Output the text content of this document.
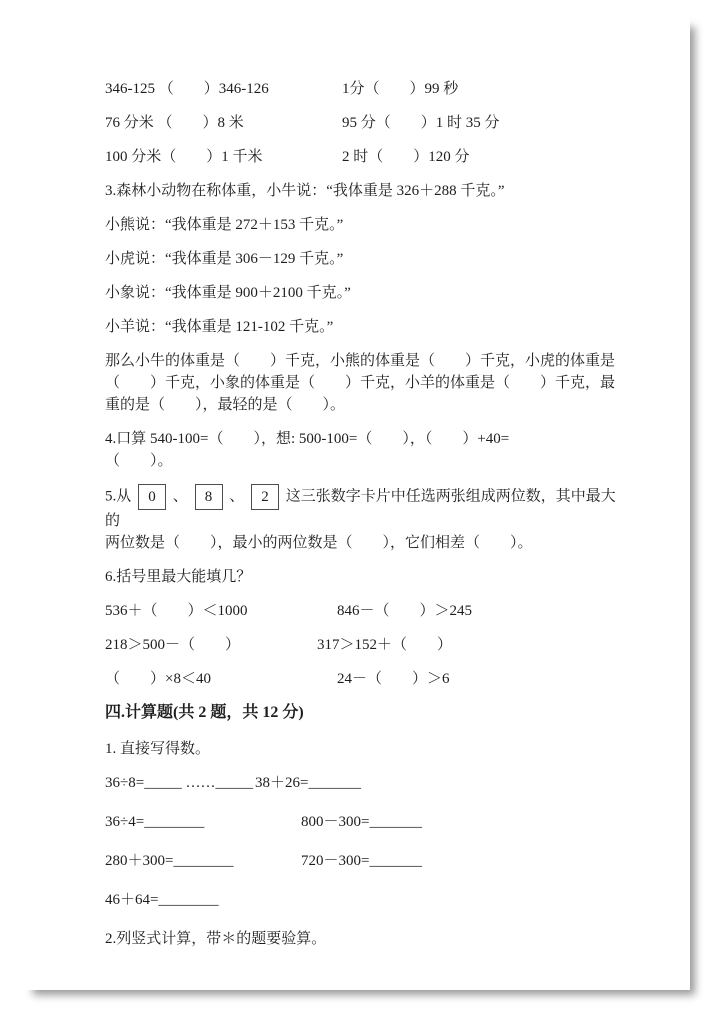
346-125 （　　）346-126	1分（　　）99 秒

76 分米 （　　）8 米	95 分（　　）1 时 35 分

100 分米（　　）1 千米	2 时（　　）120 分

3.森林小动物在称体重，小牛说：“我体重是 326＋288 千克。”

小熊说：“我体重是 272＋153 千克。”

小虎说：“我体重是 306－129 千克。”

小象说：“我体重是 900＋2100 千克。”

小羊说：“我体重是 121-102 千克。”

那么小牛的体重是（　　）千克，小熊的体重是（　　）千克，小虎的体重是
（　　）千克，小象的体重是（　　）千克，小羊的体重是（　　）千克，最
重的是（　　），最轻的是（　　）。

4.口算 540-100=（　　），想: 500-100=（　　），（　　）+40=
（　　）。

5.从 0 、 8 、 2 这三张数字卡片中任选两张组成两位数，其中最大的
两位数是（　　），最小的两位数是（　　），它们相差（　　）。

6.括号里最大能填几？

536＋（　　）＜1000	846－（　　）＞245

218＞500－（　　）	317＞152＋（　　）

（　　）×8＜40	24－（　　）＞6

四.计算题(共 2 题，共 12 分)

1. 直接写得数。

36÷8=_____ ……_____ 38＋26=_______

36÷4=________	800－300=_______

280＋300=________	720－300=_______

46＋64=________

2.列竖式计算，带＊的题要验算。
